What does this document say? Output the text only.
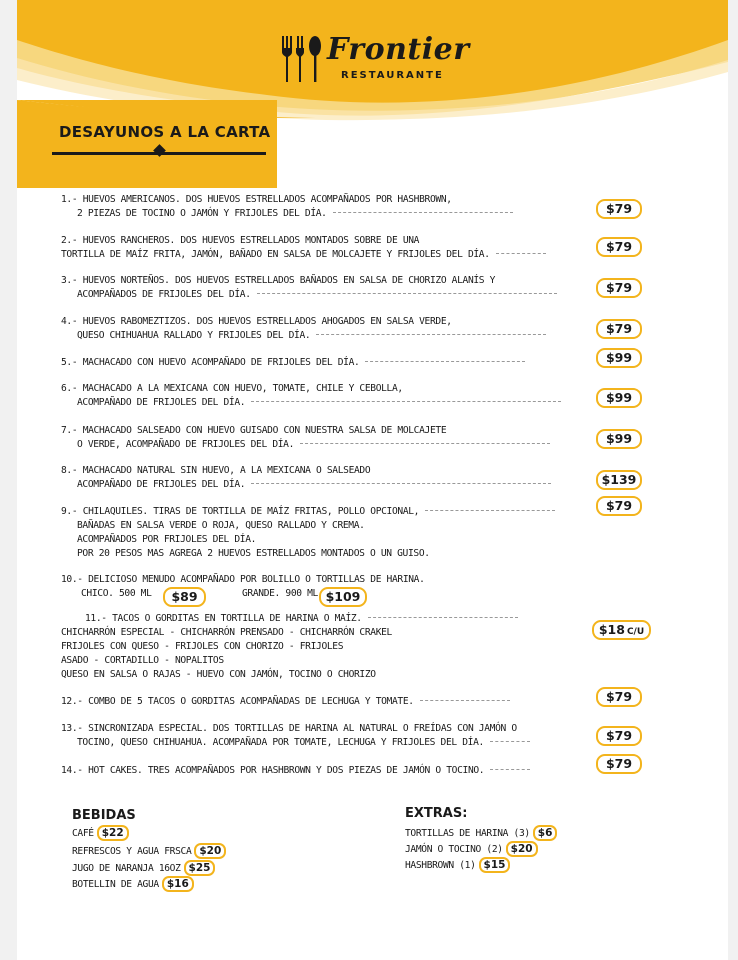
Frontier
RESTAURANTE
DESAYUNOS A LA CARTA
1.- HUEVOS AMERICANOS. DOS HUEVOS ESTRELLADOS ACOMPAÑADOS POR HASHBROWN,
2 PIEZAS DE TOCINO O JAMÓN Y FRIJOLES DEL DÍA.	$79
2.- HUEVOS RANCHEROS. DOS HUEVOS ESTRELLADOS MONTADOS SOBRE DE UNA
TORTILLA DE MAÍZ FRITA, JAMÓN, BAÑADO EN SALSA DE MOLCAJETE Y FRIJOLES DEL DÍA.
$79
3.- HUEVOS NORTEÑOS. DOS HUEVOS ESTRELLADOS BAÑADOS EN SALSA DE CHORIZO ALANÍS Y
ACOMPAÑADOS DE FRIJOLES DEL DÍA.	$79
4.- HUEVOS RABOMEZTIZOS. DOS HUEVOS ESTRELLADOS AHOGADOS EN SALSA VERDE,
QUESO CHIHUAHUA RALLADO Y FRIJOLES DEL DÍA.	$79
5.- MACHACADO CON HUEVO ACOMPAÑADO DE FRIJOLES DEL DÍA.	$99
6.- MACHACADO A LA MEXICANA CON HUEVO, TOMATE, CHILE Y CEBOLLA,
ACOMPAÑADO DE FRIJOLES DEL DÍA.	$99
7.- MACHACADO SALSEADO CON HUEVO GUISADO CON NUESTRA SALSA DE MOLCAJETE
O VERDE, ACOMPAÑADO DE FRIJOLES DEL DÍA.	$99
8.- MACHACADO NATURAL SIN HUEVO, A LA MEXICANA O SALSEADO
ACOMPAÑADO DE FRIJOLES DEL DÍA.	$139
9.- CHILAQUILES. TIRAS DE TORTILLA DE MAÍZ FRITAS, POLLO OPCIONAL,
BAÑADAS EN SALSA VERDE O ROJA, QUESO RALLADO Y CREMA.
ACOMPAÑADOS POR FRIJOLES DEL DÍA.
POR 20 PESOS MAS AGREGA 2 HUEVOS ESTRELLADOS MONTADOS O UN GUISO.
$79
10.- DELICIOSO MENUDO ACOMPAÑADO POR BOLILLO O TORTILLAS DE HARINA.
CHICO. 500 ML	$89	GRANDE. 900 ML $109
11.- TACOS O GORDITAS EN TORTILLA DE HARINA O MAÍZ.
CHICHARRÓN ESPECIAL - CHICHARRÓN PRENSADO - CHICHARRÓN CRAKEL
FRIJOLES CON QUESO - FRIJOLES CON CHORIZO - FRIJOLES
ASADO - CORTADILLO - NOPALITOS
QUESO EN SALSA O RAJAS - HUEVO CON JAMÓN, TOCINO O CHORIZO
$18 C/U
12.- COMBO DE 5 TACOS O GORDITAS ACOMPAÑADAS DE LECHUGA Y TOMATE.	$79
13.- SINCRONIZADA ESPECIAL. DOS TORTILLAS DE HARINA AL NATURAL O FREÍDAS CON JAMÓN O
TOCINO, QUESO CHIHUAHUA. ACOMPAÑADA POR TOMATE, LECHUGA Y FRIJOLES DEL DÍA.	$79
14.- HOT CAKES. TRES ACOMPAÑADOS POR HASHBROWN Y DOS PIEZAS DE JAMÓN O TOCINO.	$79
BEBIDAS
CAFÉ $22
REFRESCOS Y AGUA FRSCA $20
JUGO DE NARANJA 16OZ $25
BOTELLIN DE AGUA $16
EXTRAS:
TORTILLAS DE HARINA (3) $6
JAMÓN O TOCINO (2) $20
HASHBROWN (1) $15
